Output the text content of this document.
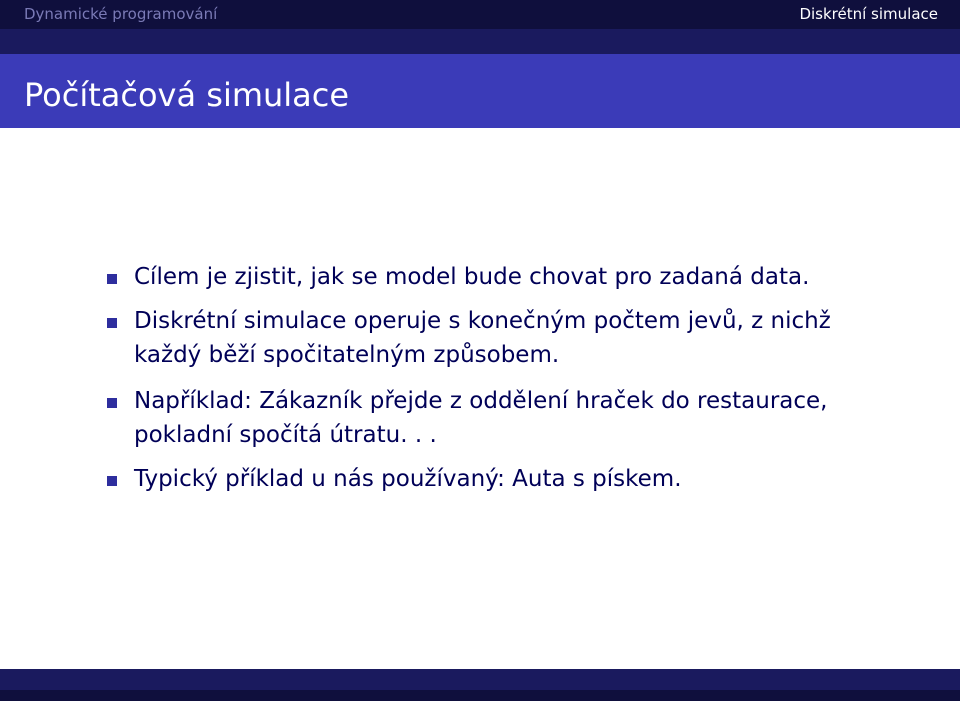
Dynamické programování	Diskrétní simulace
Počítačová simulace
Cílem je zjistit, jak se model bude chovat pro zadaná data.
Diskrétní simulace operuje s konečným počtem jevů, z nichž každý běží spočitatelným způsobem.
Například: Zákazník přejde z oddělení hraček do restaurace, pokladní spočítá útratu. . .
Typický příklad u nás používaný: Auta s pískem.
